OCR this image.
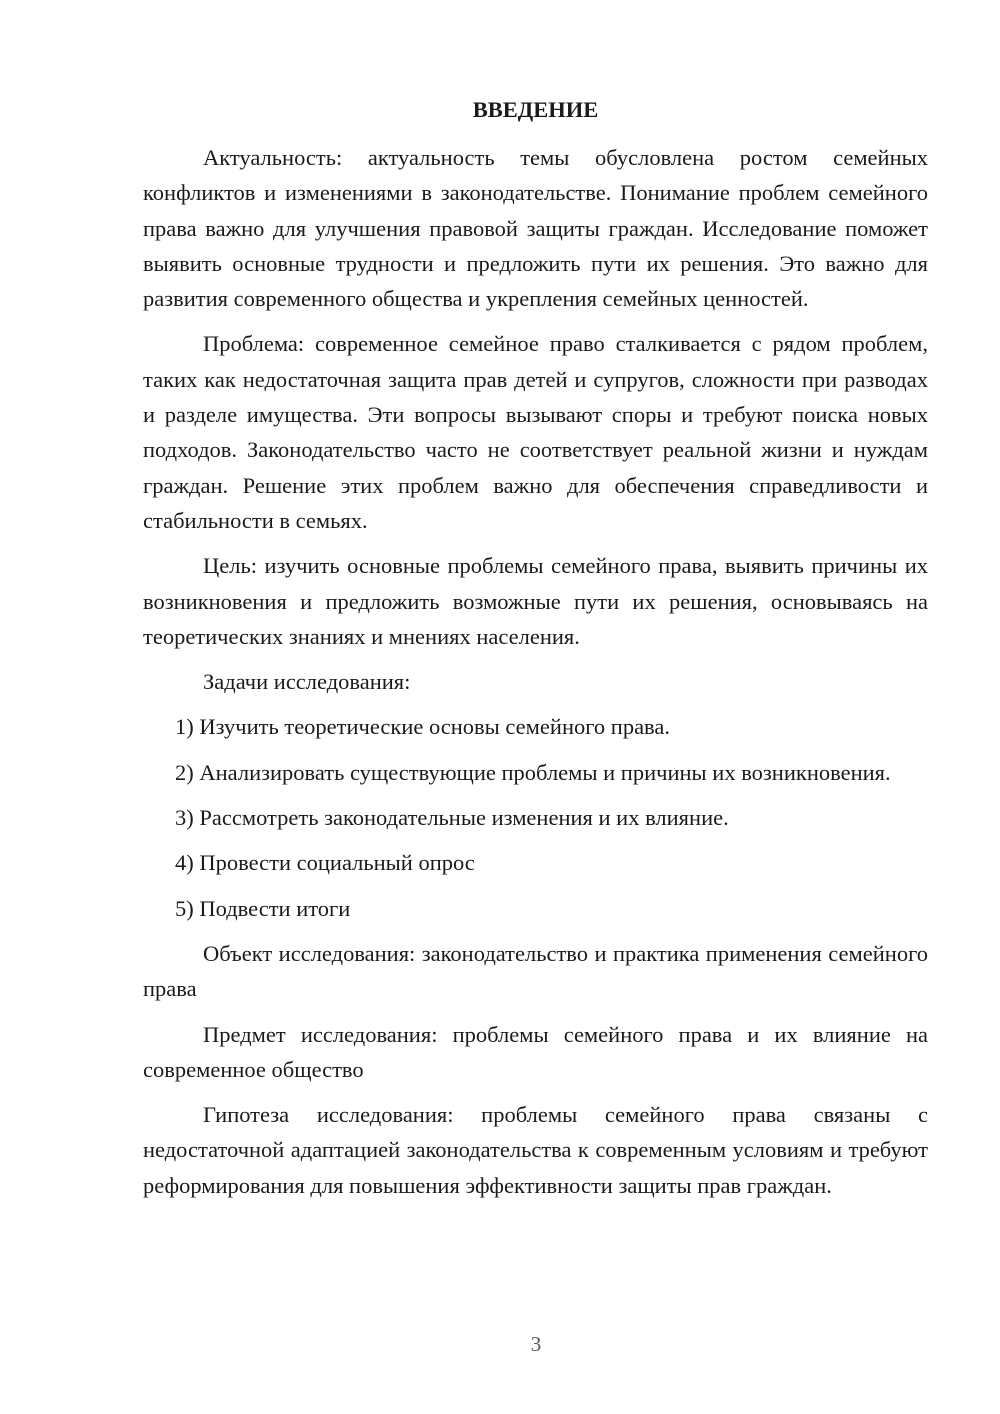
ВВЕДЕНИЕ

Актуальность: актуальность темы обусловлена ростом семейных конфликтов и изменениями в законодательстве. Понимание проблем семейного права важно для улучшения правовой защиты граждан. Исследование поможет выявить основные трудности и предложить пути их решения. Это важно для развития современного общества и укрепления семейных ценностей.

Проблема: современное семейное право сталкивается с рядом проблем, таких как недостаточная защита прав детей и супругов, сложности при разводах и разделе имущества. Эти вопросы вызывают споры и требуют поиска новых подходов. Законодательство часто не соответствует реальной жизни и нуждам граждан. Решение этих проблем важно для обеспечения справедливости и стабильности в семьях.

Цель: изучить основные проблемы семейного права, выявить причины их возникновения и предложить возможные пути их решения, основываясь на теоретических знаниях и мнениях населения.

Задачи исследования:

1) Изучить теоретические основы семейного права.

2) Анализировать существующие проблемы и причины их возникновения.

3) Рассмотреть законодательные изменения и их влияние.

4) Провести социальный опрос

5) Подвести итоги

Объект исследования: законодательство и практика применения семейного права

Предмет исследования: проблемы семейного права и их влияние на современное общество

Гипотеза исследования: проблемы семейного права связаны с недостаточной адаптацией законодательства к современным условиям и требуют реформирования для повышения эффективности защиты прав граждан.

3
